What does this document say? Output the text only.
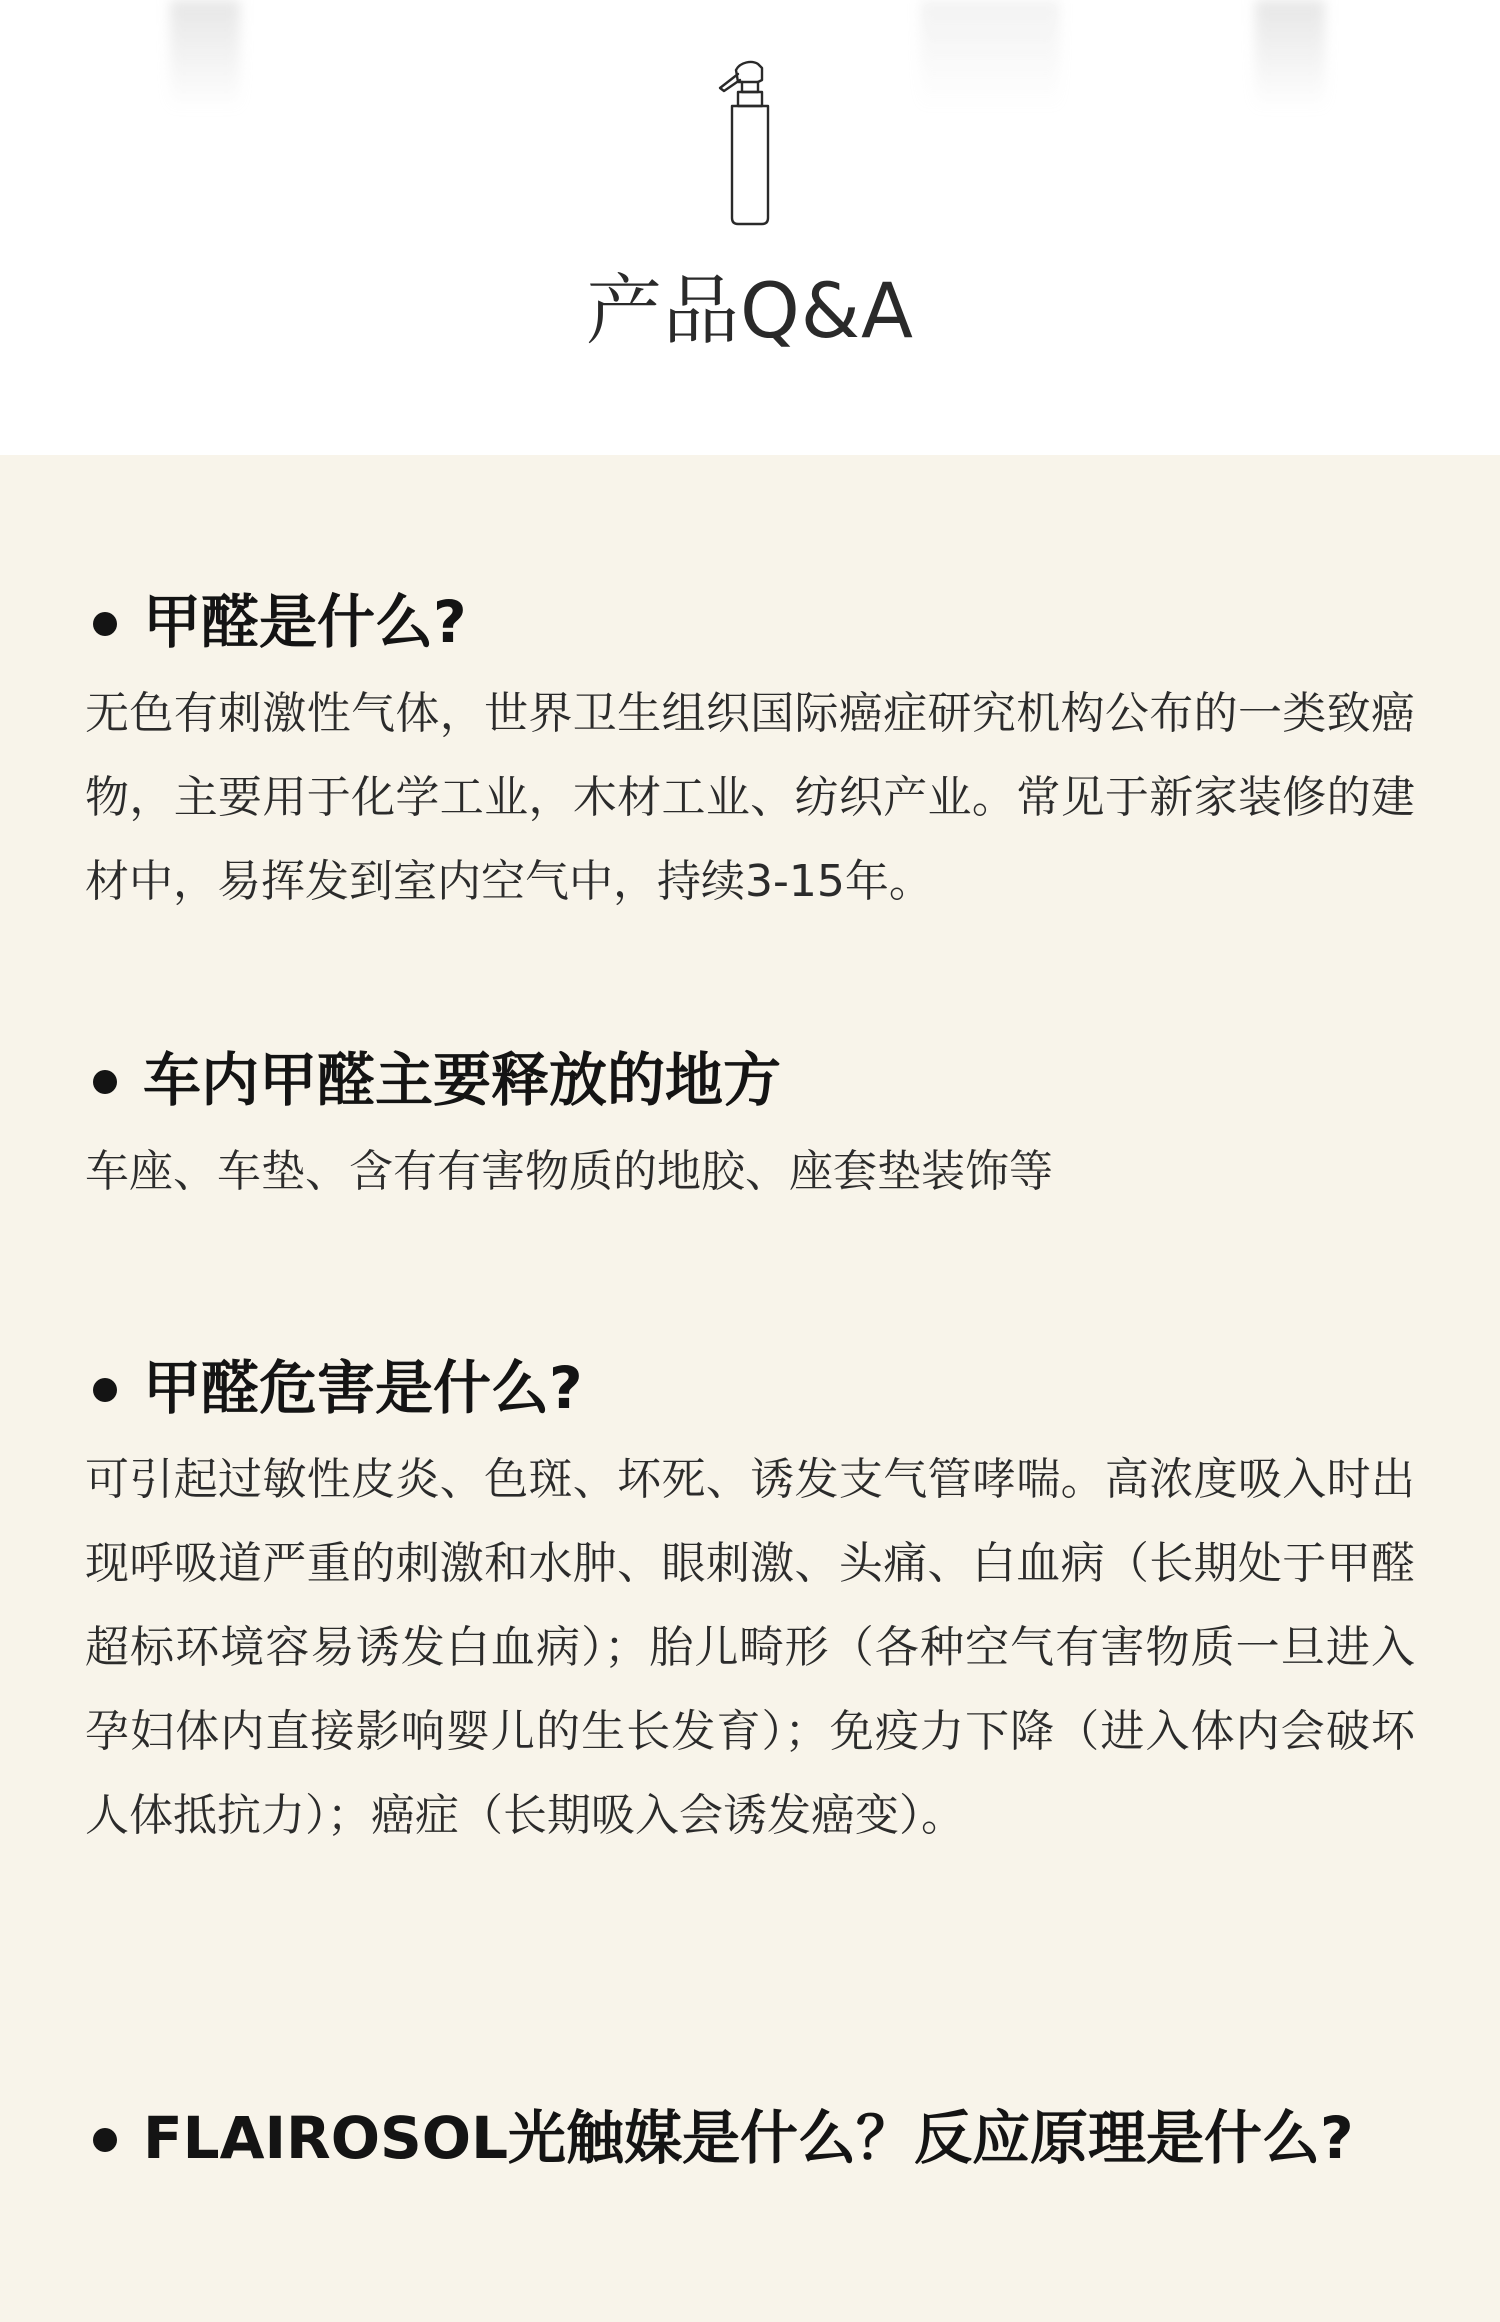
产品Q&A
甲醛是什么?
无色有刺激性气体，世界卫生组织国际癌症研究机构公布的一类致癌物，主要用于化学工业，木材工业、纺织产业。常见于新家装修的建材中，易挥发到室内空气中，持续3-15年。
车内甲醛主要释放的地方
车座、车垫、含有有害物质的地胶、座套垫装饰等
甲醛危害是什么?
可引起过敏性皮炎、色斑、坏死、诱发支气管哮喘。高浓度吸入时出现呼吸道严重的刺激和水肿、眼刺激、头痛、白血病（长期处于甲醛超标环境容易诱发白血病）；胎儿畸形（各种空气有害物质一旦进入孕妇体内直接影响婴儿的生长发育）；免疫力下降（进入体内会破坏人体抵抗力）；癌症（长期吸入会诱发癌变）。
FLAIROSOL光触媒是什么？反应原理是什么?
